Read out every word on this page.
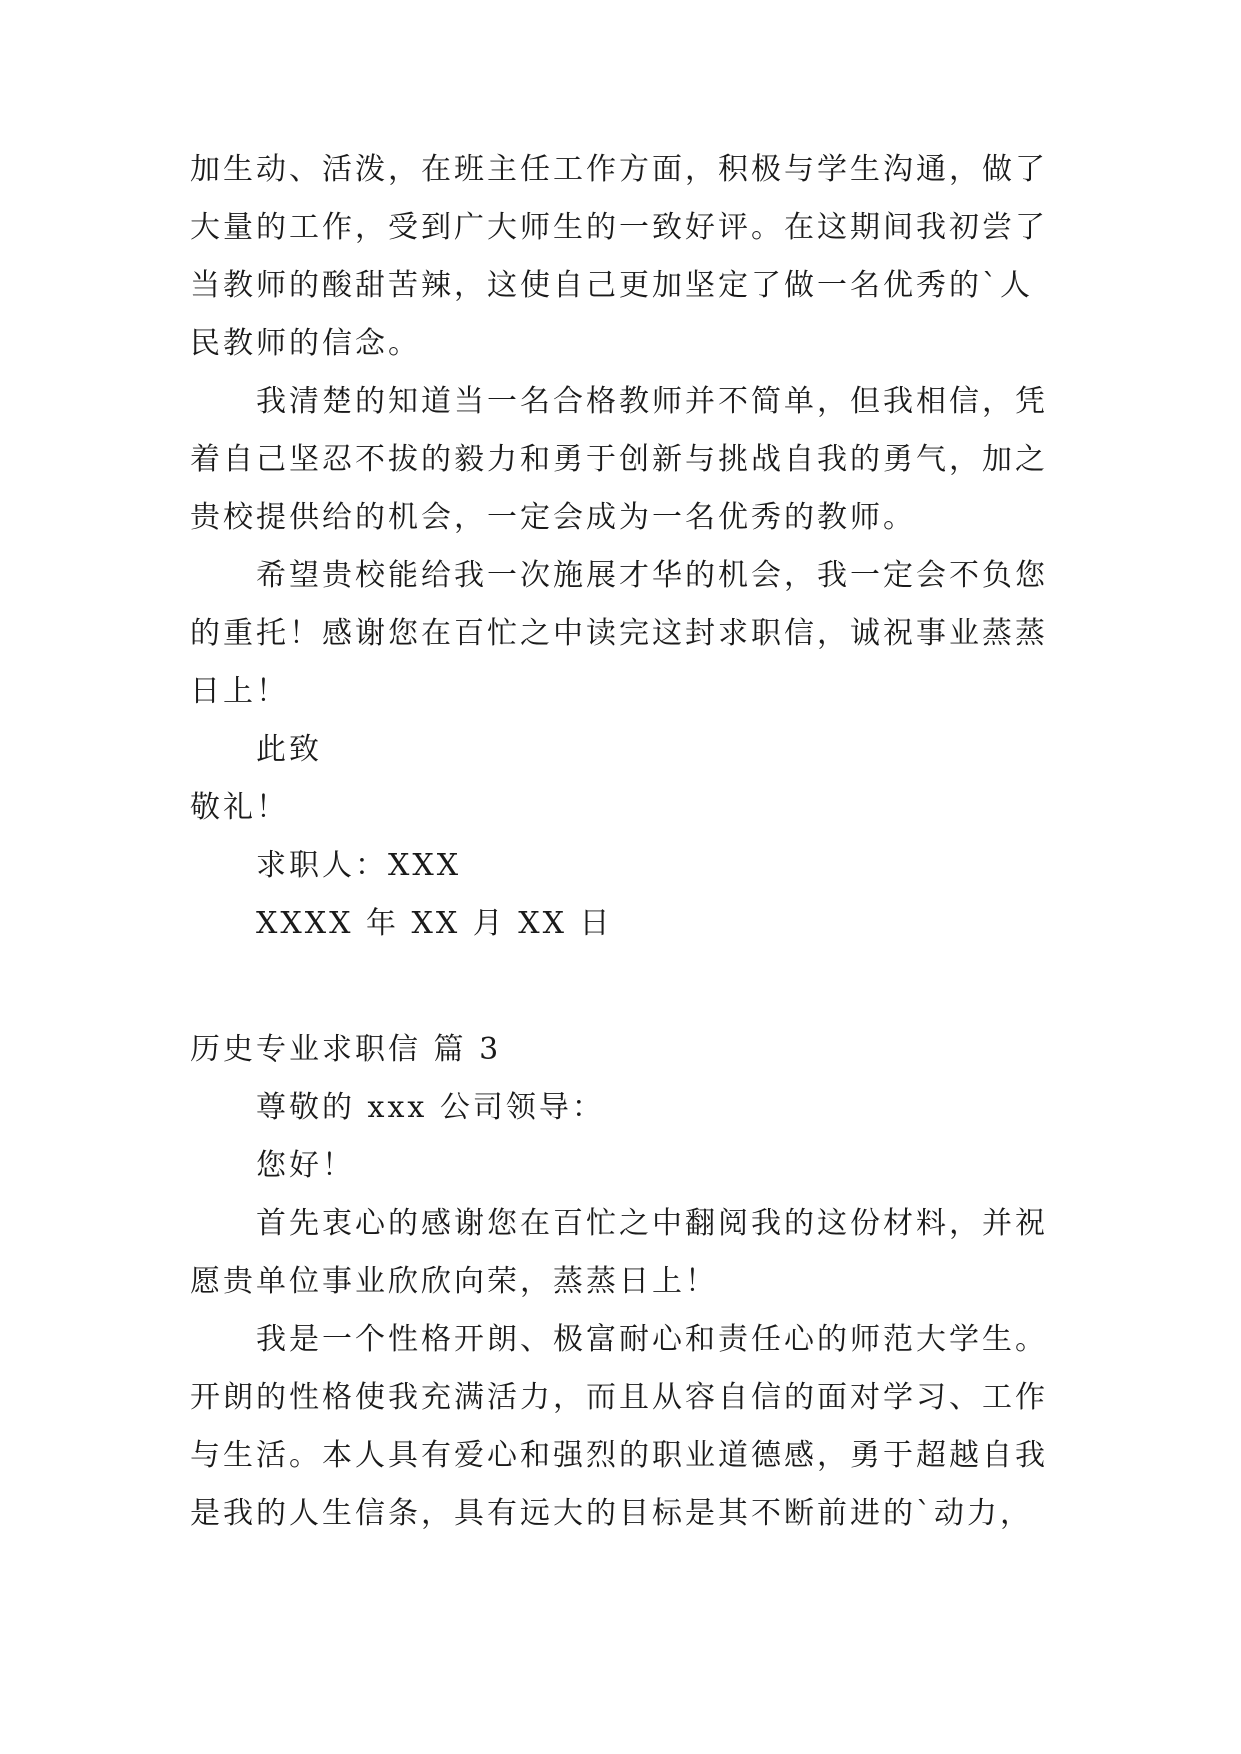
加生动、活泼，在班主任工作方面，积极与学生沟通，做了
大量的工作，受到广大师生的一致好评。在这期间我初尝了
当教师的酸甜苦辣，这使自己更加坚定了做一名优秀的`人
民教师的信念。
我清楚的知道当一名合格教师并不简单，但我相信，凭
着自己坚忍不拔的毅力和勇于创新与挑战自我的勇气，加之
贵校提供给的机会，一定会成为一名优秀的教师。
希望贵校能给我一次施展才华的机会，我一定会不负您
的重托！感谢您在百忙之中读完这封求职信，诚祝事业蒸蒸
日上！
此致
敬礼！
求职人：XXX
XXXX 年 XX 月 XX 日
历史专业求职信 篇 3
尊敬的 xxx 公司领导：
您好！
首先衷心的感谢您在百忙之中翻阅我的这份材料，并祝
愿贵单位事业欣欣向荣，蒸蒸日上！
我是一个性格开朗、极富耐心和责任心的师范大学生。
开朗的性格使我充满活力，而且从容自信的面对学习、工作
与生活。本人具有爱心和强烈的职业道德感，勇于超越自我
是我的人生信条，具有远大的目标是其不断前进的`动力，
